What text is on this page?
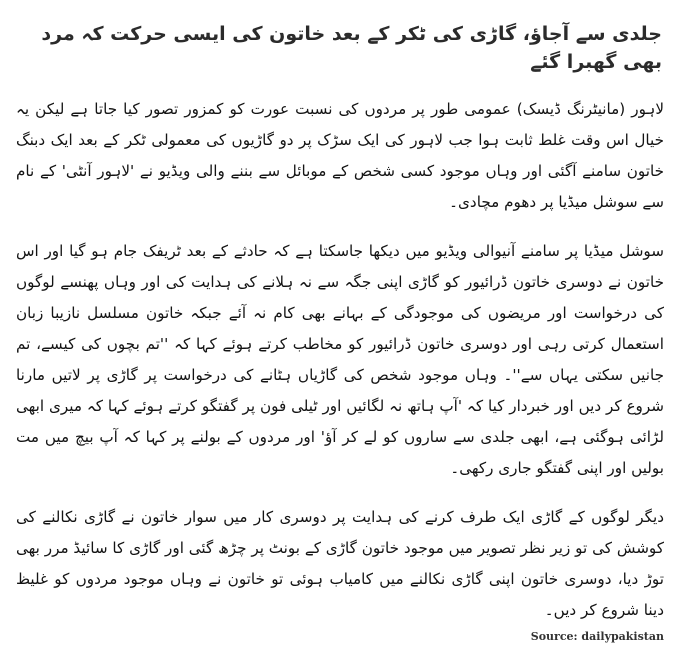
جلدی سے آجاؤ، گاڑی کی ٹکر کے بعد خاتون کی ایسی حرکت کہ مرد بھی گھبرا گئے

لاہور (مانیٹرنگ ڈیسک) عمومی طور پر مردوں کی نسبت عورت کو کمزور تصور کیا جاتا ہے لیکن یہ خیال اس وقت غلط ثابت ہوا جب لاہور کی ایک سڑک پر دو گاڑیوں کی معمولی ٹکر کے بعد ایک دبنگ خاتون سامنے آگئی اور وہاں موجود کسی شخص کے موبائل سے بننے والی ویڈیو نے 'لاہور آنٹی' کے نام سے سوشل میڈیا پر دھوم مچادی۔

سوشل میڈیا پر سامنے آنیوالی ویڈیو میں دیکھا جاسکتا ہے کہ حادثے کے بعد ٹریفک جام ہو گیا اور اس خاتون نے دوسری خاتون ڈرائیور کو گاڑی اپنی جگہ سے نہ ہلانے کی ہدایت کی اور وہاں پھنسے لوگوں کی درخواست اور مریضوں کی موجودگی کے بہانے بھی کام نہ آئے جبکہ خاتون مسلسل نازیبا زبان استعمال کرتی رہی اور دوسری خاتون ڈرائیور کو مخاطب کرتے ہوئے کہا کہ ''تم بچوں کی کیسے، تم جانیں سکتی یہاں سے''۔ وہاں موجود شخص کی گاڑیاں ہٹانے کی درخواست پر گاڑی پر لاتیں مارنا شروع کر دیں اور خبردار کیا کہ 'آپ ہاتھ نہ لگائیں اور ٹیلی فون پر گفتگو کرتے ہوئے کہا کہ میری ابھی لڑائی ہوگئی ہے، ابھی جلدی سے ساروں کو لے کر آؤ' اور مردوں کے بولنے پر کہا کہ آپ بیچ میں مت بولیں اور اپنی گفتگو جاری رکھی۔

دیگر لوگوں کے گاڑی ایک طرف کرنے کی ہدایت پر دوسری کار میں سوار خاتون نے گاڑی نکالنے کی کوشش کی تو زیر نظر تصویر میں موجود خاتون گاڑی کے بونٹ پر چڑھ گئی اور گاڑی کا سائیڈ مرر بھی توڑ دیا، دوسری خاتون اپنی گاڑی نکالنے میں کامیاب ہوئی تو خاتون نے وہاں موجود مردوں کو غلیظ دینا شروع کر دیں۔

Source: dailypakistan
